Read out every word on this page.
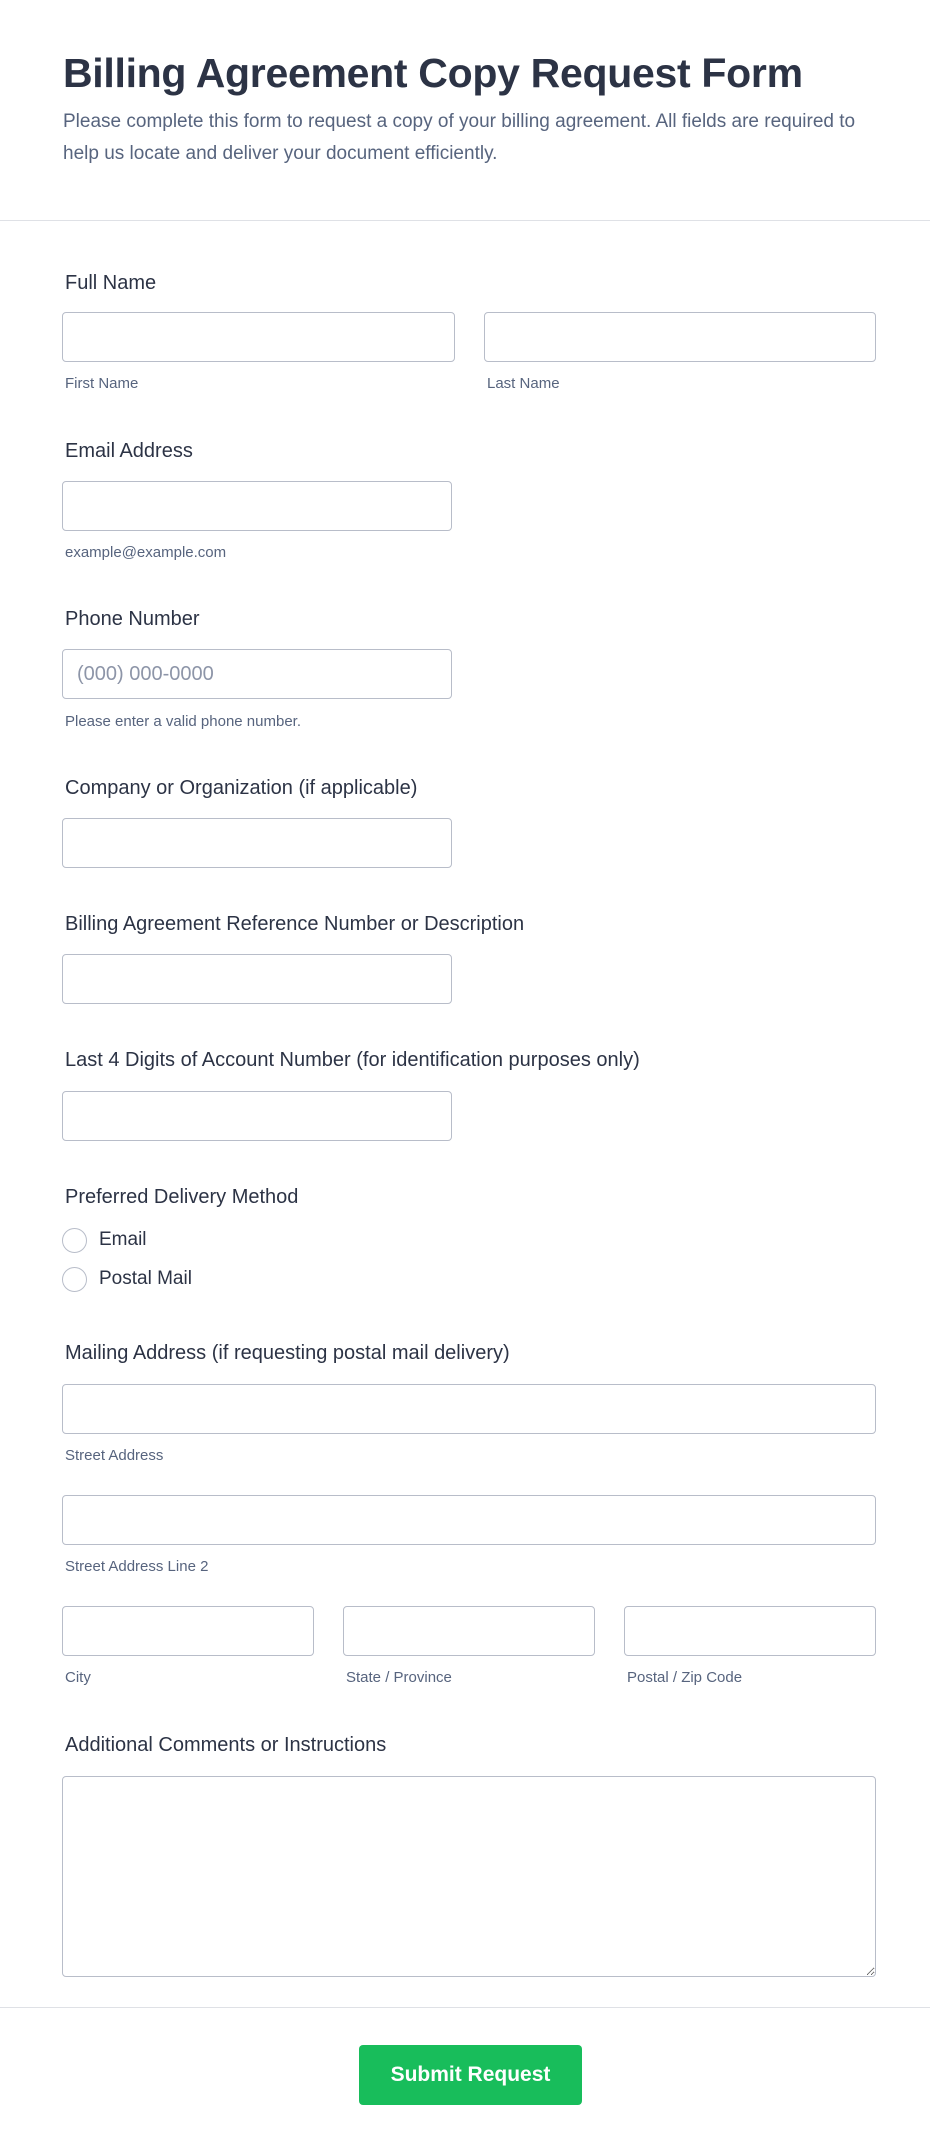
Billing Agreement Copy Request Form

Please complete this form to request a copy of your billing agreement. All fields are required to help us locate and deliver your document efficiently.

Full Name
First Name	Last Name
Email Address
example@example.com
Phone Number
(000) 000-0000
Please enter a valid phone number.
Company or Organization (if applicable)
Billing Agreement Reference Number or Description
Last 4 Digits of Account Number (for identification purposes only)
Preferred Delivery Method
Email
Postal Mail
Mailing Address (if requesting postal mail delivery)
Street Address
Street Address Line 2
City	State / Province	Postal / Zip Code
Additional Comments or Instructions
Submit Request
